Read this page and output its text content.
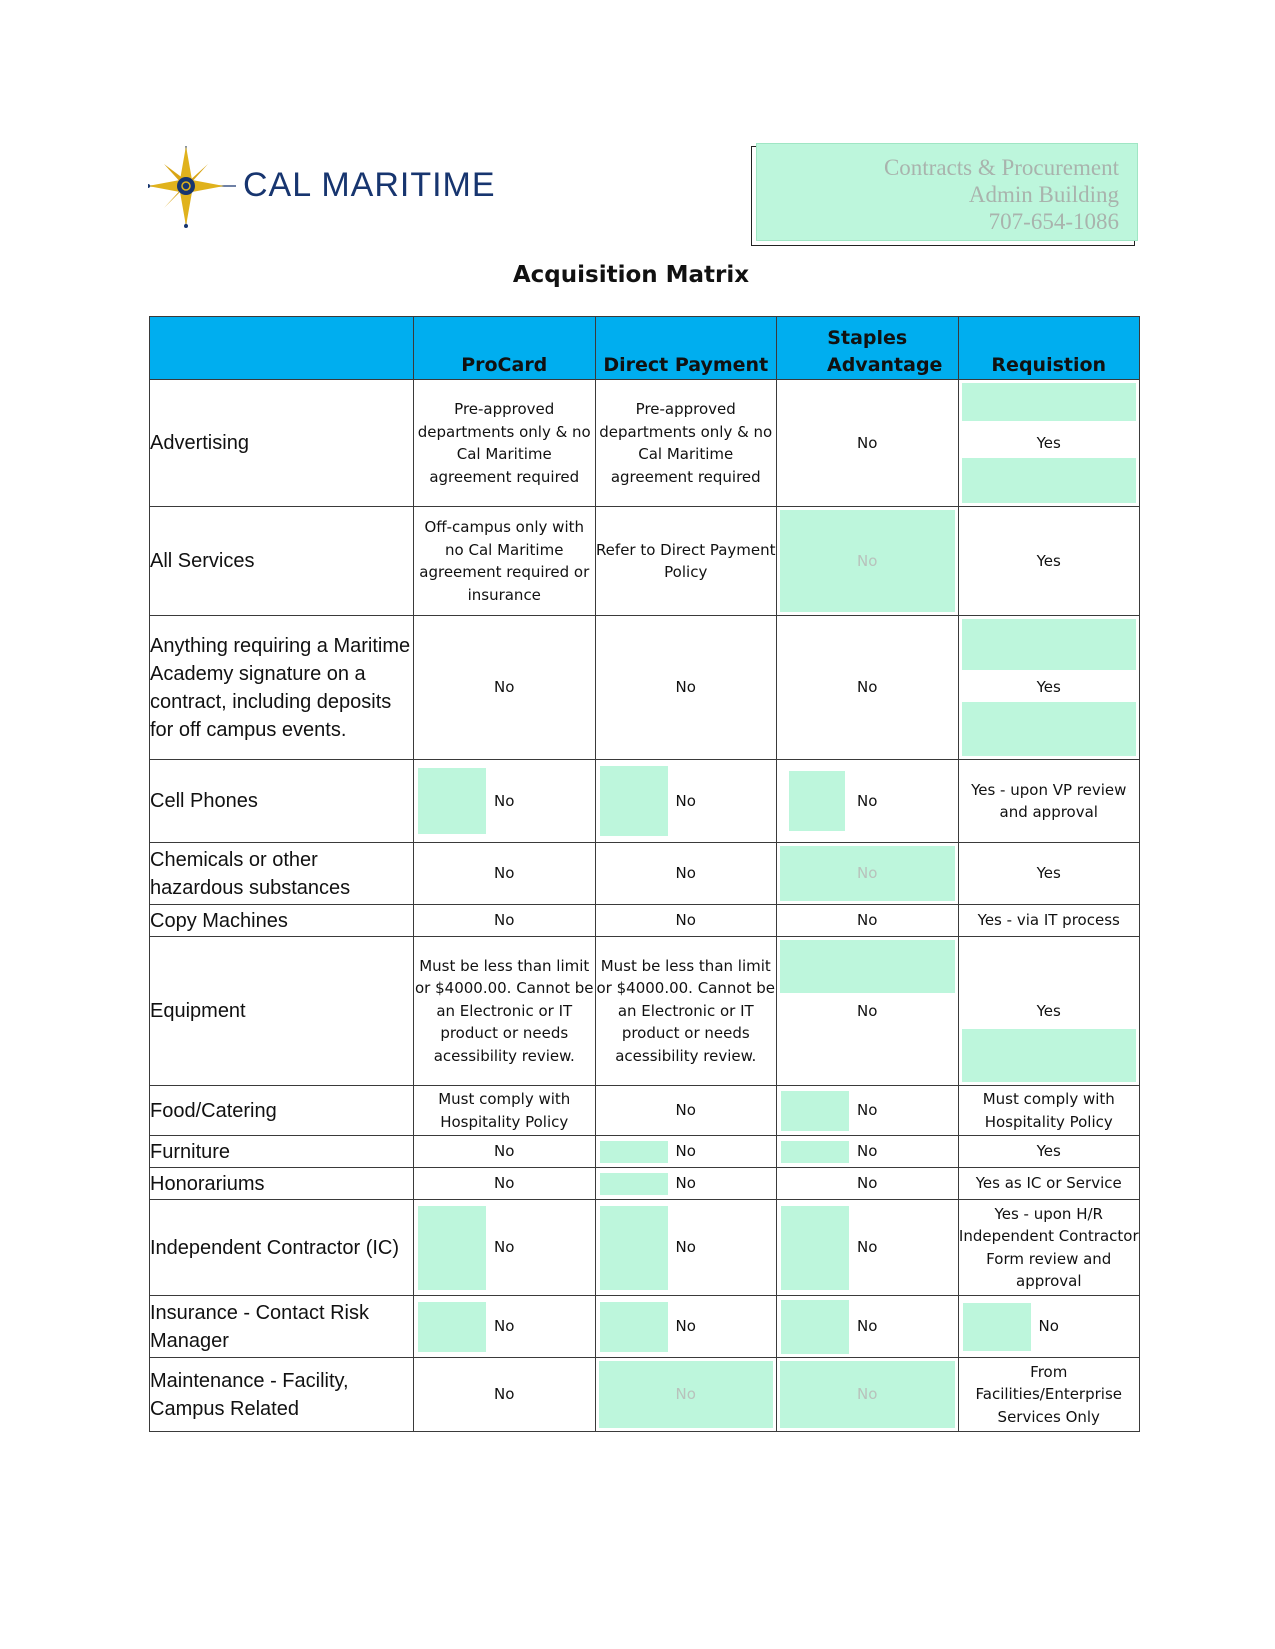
CAL MARITIME	Contracts & Procurement
Admin Building
707-654-1086
Acquisition Matrix
	ProCard	Direct Payment	Staples Advantage	Requistion
Advertising	Pre-approved departments only & no Cal Maritime agreement required	Pre-approved departments only & no Cal Maritime agreement required	No	Yes
All Services	Off-campus only with no Cal Maritime agreement required or insurance	Refer to Direct Payment Policy	No	Yes
Anything requiring a Maritime Academy signature on a contract, including deposits for off campus events.	No	No	No	Yes
Cell Phones	No	No	No	Yes - upon VP review and approval
Chemicals or other hazardous substances	No	No	No	Yes
Copy Machines	No	No	No	Yes - via IT process
Equipment	Must be less than limit or $4000.00. Cannot be an Electronic or IT product or needs acessibility review.	Must be less than limit or $4000.00. Cannot be an Electronic or IT product or needs acessibility review.	No	Yes
Food/Catering	Must comply with Hospitality Policy	No	No	Must comply with Hospitality Policy
Furniture	No	No	No	Yes
Honorariums	No	No	No	Yes as IC or Service
Independent Contractor (IC)	No	No	No	Yes - upon H/R Independent Contractor Form review and approval
Insurance - Contact Risk Manager	No	No	No	No
Maintenance - Facility, Campus Related	No	No	No	From Facilities/Enterprise Services Only
